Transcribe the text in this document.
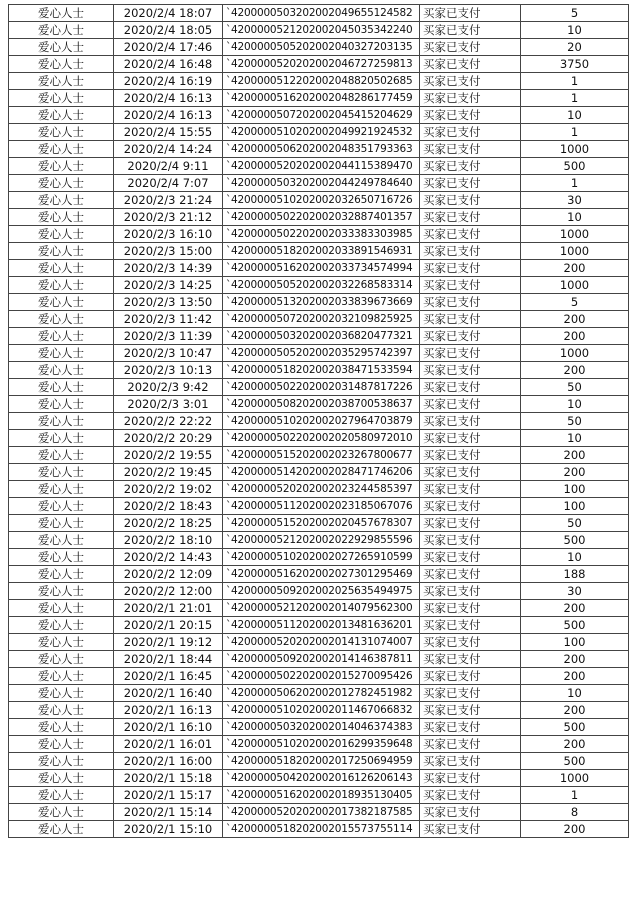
爱心人士	2020/2/4 18:07	`420000050320200204965512458​2	买家已支付	5
爱心人士	2020/2/4 18:05	`4200000521202002045035342240	买家已支付	10
爱心人士	2020/2/4 17:46	`4200000505202002040327203135	买家已支付	20
爱心人士	2020/2/4 16:48	`4200000520202002046727259813	买家已支付	3750
爱心人士	2020/2/4 16:19	`4200000512202002048820502685	买家已支付	1
爱心人士	2020/2/4 16:13	`4200000516202002048286177459	买家已支付	1
爱心人士	2020/2/4 16:13	`4200000507202002045415204629	买家已支付	10
爱心人士	2020/2/4 15:55	`4200000510202002049921924532	买家已支付	1
爱心人士	2020/2/4 14:24	`4200000506202002048351793363	买家已支付	1000
爱心人士	2020/2/4 9:11	`4200000520202002044115389470	买家已支付	500
爱心人士	2020/2/4 7:07	`4200000503202002044249784640	买家已支付	1
爱心人士	2020/2/3 21:24	`4200000510202002032650716726	买家已支付	30
爱心人士	2020/2/3 21:12	`4200000502202002032887401357	买家已支付	10
爱心人士	2020/2/3 16:10	`4200000502202002033383303985	买家已支付	1000
爱心人士	2020/2/3 15:00	`4200000518202002033891546931	买家已支付	1000
爱心人士	2020/2/3 14:39	`4200000516202002033734574994	买家已支付	200
爱心人士	2020/2/3 14:25	`4200000505202002032268583314	买家已支付	1000
爱心人士	2020/2/3 13:50	`4200000513202002033839673669	买家已支付	5
爱心人士	2020/2/3 11:42	`4200000507202002032109825925	买家已支付	200
爱心人士	2020/2/3 11:39	`4200000503202002036820477321	买家已支付	200
爱心人士	2020/2/3 10:47	`4200000505202002035295742397	买家已支付	1000
爱心人士	2020/2/3 10:13	`4200000518202002038471533594	买家已支付	200
爱心人士	2020/2/3 9:42	`4200000502202002031487817226	买家已支付	50
爱心人士	2020/2/3 3:01	`4200000508202002038700538637	买家已支付	10
爱心人士	2020/2/2 22:22	`4200000510202002027964703879	买家已支付	50
爱心人士	2020/2/2 20:29	`4200000502202002020580972010	买家已支付	10
爱心人士	2020/2/2 19:55	`4200000515202002023267800677	买家已支付	200
爱心人士	2020/2/2 19:45	`4200000514202002028471746206	买家已支付	200
爱心人士	2020/2/2 19:02	`4200000520202002023244585397	买家已支付	100
爱心人士	2020/2/2 18:43	`4200000511202002023185067076	买家已支付	100
爱心人士	2020/2/2 18:25	`4200000515202002020457678307	买家已支付	50
爱心人士	2020/2/2 18:10	`4200000521202002022929855596	买家已支付	500
爱心人士	2020/2/2 14:43	`4200000510202002027265910599	买家已支付	10
爱心人士	2020/2/2 12:09	`4200000516202002027301295469	买家已支付	188
爱心人士	2020/2/2 12:00	`4200000509202002025635494975	买家已支付	30
爱心人士	2020/2/1 21:01	`4200000521202002014079562300	买家已支付	200
爱心人士	2020/2/1 20:15	`4200000511202002013481636201	买家已支付	500
爱心人士	2020/2/1 19:12	`4200000520202002014131074007	买家已支付	100
爱心人士	2020/2/1 18:44	`4200000509202002014146387811	买家已支付	200
爱心人士	2020/2/1 16:45	`4200000502202002015270095426	买家已支付	200
爱心人士	2020/2/1 16:40	`4200000506202002012782451982	买家已支付	10
爱心人士	2020/2/1 16:13	`4200000510202002011467066832	买家已支付	200
爱心人士	2020/2/1 16:10	`4200000503202002014046374383	买家已支付	500
爱心人士	2020/2/1 16:01	`4200000510202002016299359648	买家已支付	200
爱心人士	2020/2/1 16:00	`4200000518202002017250694959	买家已支付	500
爱心人士	2020/2/1 15:18	`4200000504202002016126206143	买家已支付	1000
爱心人士	2020/2/1 15:17	`4200000516202002018935130405	买家已支付	1
爱心人士	2020/2/1 15:14	`4200000520202002017382187585	买家已支付	8
爱心人士	2020/2/1 15:10	`4200000518202002015573755114	买家已支付	200
